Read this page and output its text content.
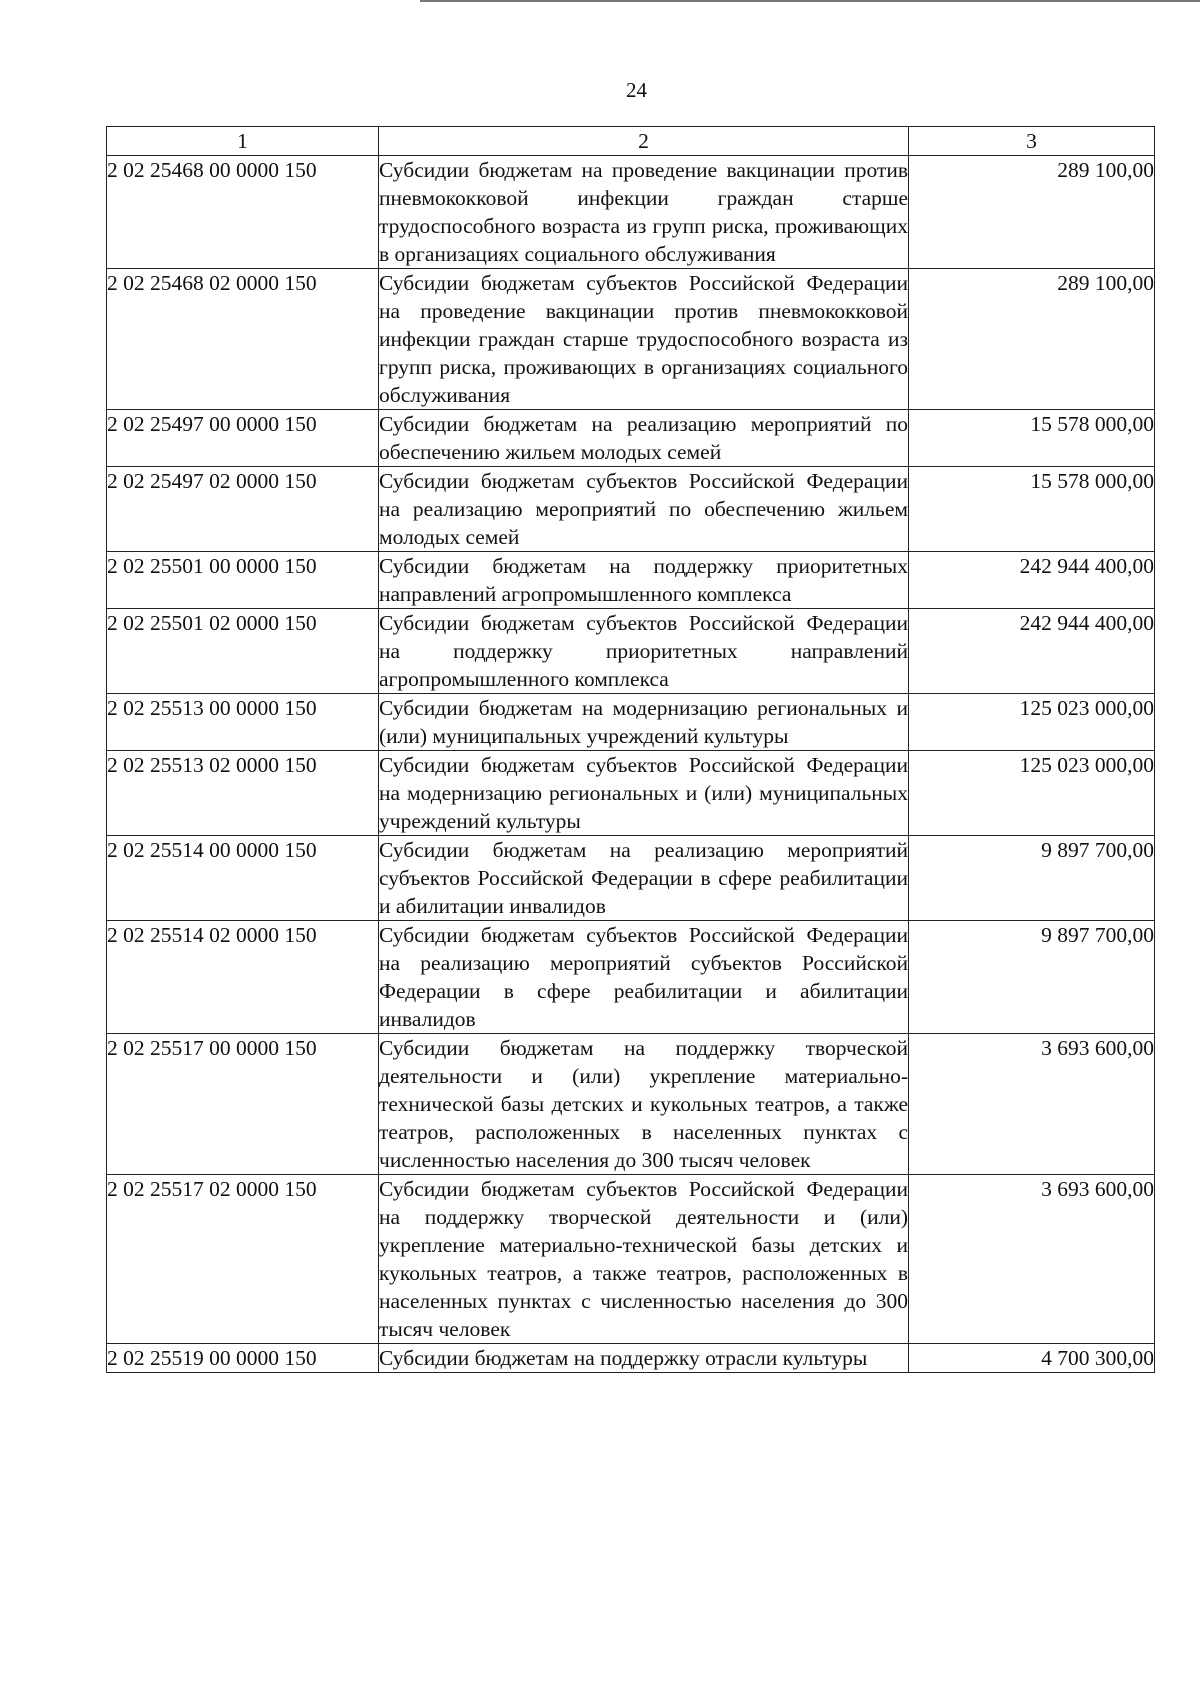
24
1	2	3
2 02 25468 00 0000 150	Субсидии бюджетам на проведение вакцинации против пневмококковой инфекции граждан старше трудоспособного возраста из групп риска, проживающих в организациях социального обслуживания	289 100,00
2 02 25468 02 0000 150	Субсидии бюджетам субъектов Российской Федерации на проведение вакцинации против пневмококковой инфекции граждан старше трудоспособного возраста из групп риска, проживающих в организациях социального обслуживания	289 100,00
2 02 25497 00 0000 150	Субсидии бюджетам на реализацию мероприятий по обеспечению жильем молодых семей	15 578 000,00
2 02 25497 02 0000 150	Субсидии бюджетам субъектов Российской Федерации на реализацию мероприятий по обеспечению жильем молодых семей	15 578 000,00
2 02 25501 00 0000 150	Субсидии бюджетам на поддержку приоритетных направлений агропромышленного комплекса	242 944 400,00
2 02 25501 02 0000 150	Субсидии бюджетам субъектов Российской Федерации на поддержку приоритетных направлений агропромышленного комплекса	242 944 400,00
2 02 25513 00 0000 150	Субсидии бюджетам на модернизацию региональных и (или) муниципальных учреждений культуры	125 023 000,00
2 02 25513 02 0000 150	Субсидии бюджетам субъектов Российской Федерации на модернизацию региональных и (или) муниципальных учреждений культуры	125 023 000,00
2 02 25514 00 0000 150	Субсидии бюджетам на реализацию мероприятий субъектов Российской Федерации в сфере реабилитации и абилитации инвалидов	9 897 700,00
2 02 25514 02 0000 150	Субсидии бюджетам субъектов Российской Федерации на реализацию мероприятий субъектов Российской Федерации в сфере реабилитации и абилитации инвалидов	9 897 700,00
2 02 25517 00 0000 150	Субсидии бюджетам на поддержку творческой деятельности и (или) укрепление материально-технической базы детских и кукольных театров, а также театров, расположенных в населенных пунктах с численностью населения до 300 тысяч человек	3 693 600,00
2 02 25517 02 0000 150	Субсидии бюджетам субъектов Российской Федерации на поддержку творческой деятельности и (или) укрепление материально-технической базы детских и кукольных театров, а также театров, расположенных в населенных пунктах с численностью населения до 300 тысяч человек	3 693 600,00
2 02 25519 00 0000 150	Субсидии бюджетам на поддержку отрасли культуры	4 700 300,00
